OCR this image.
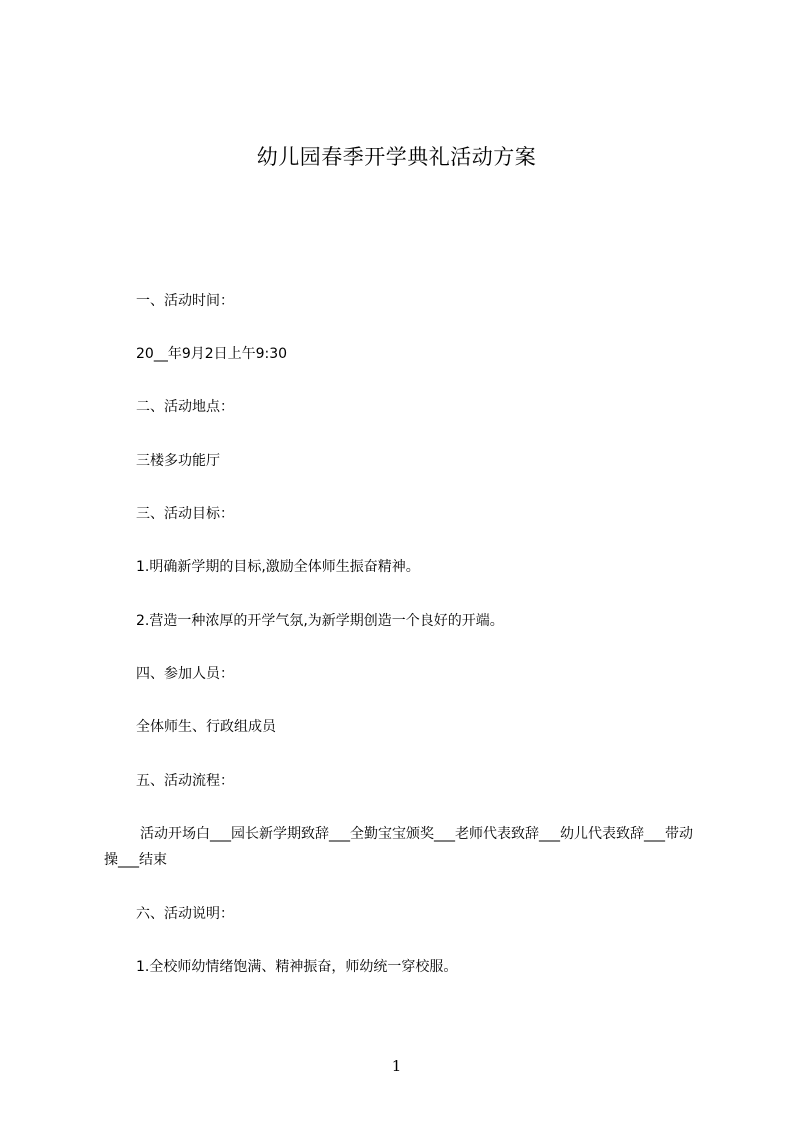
幼儿园春季开学典礼活动方案
一、活动时间：
20__年9月2日上午9:30
二、活动地点：
三楼多功能厅
三、活动目标：
1.明确新学期的目标,激励全体师生振奋精神。
2.营造一种浓厚的开学气氛,为新学期创造一个良好的开端。
四、参加人员：
全体师生、行政组成员
五、活动流程：
活动开场白___园长新学期致辞___全勤宝宝颁奖___老师代表致辞___幼儿代表致辞___带动操___结束
六、活动说明：
1.全校师幼情绪饱满、精神振奋，师幼统一穿校服。
1
